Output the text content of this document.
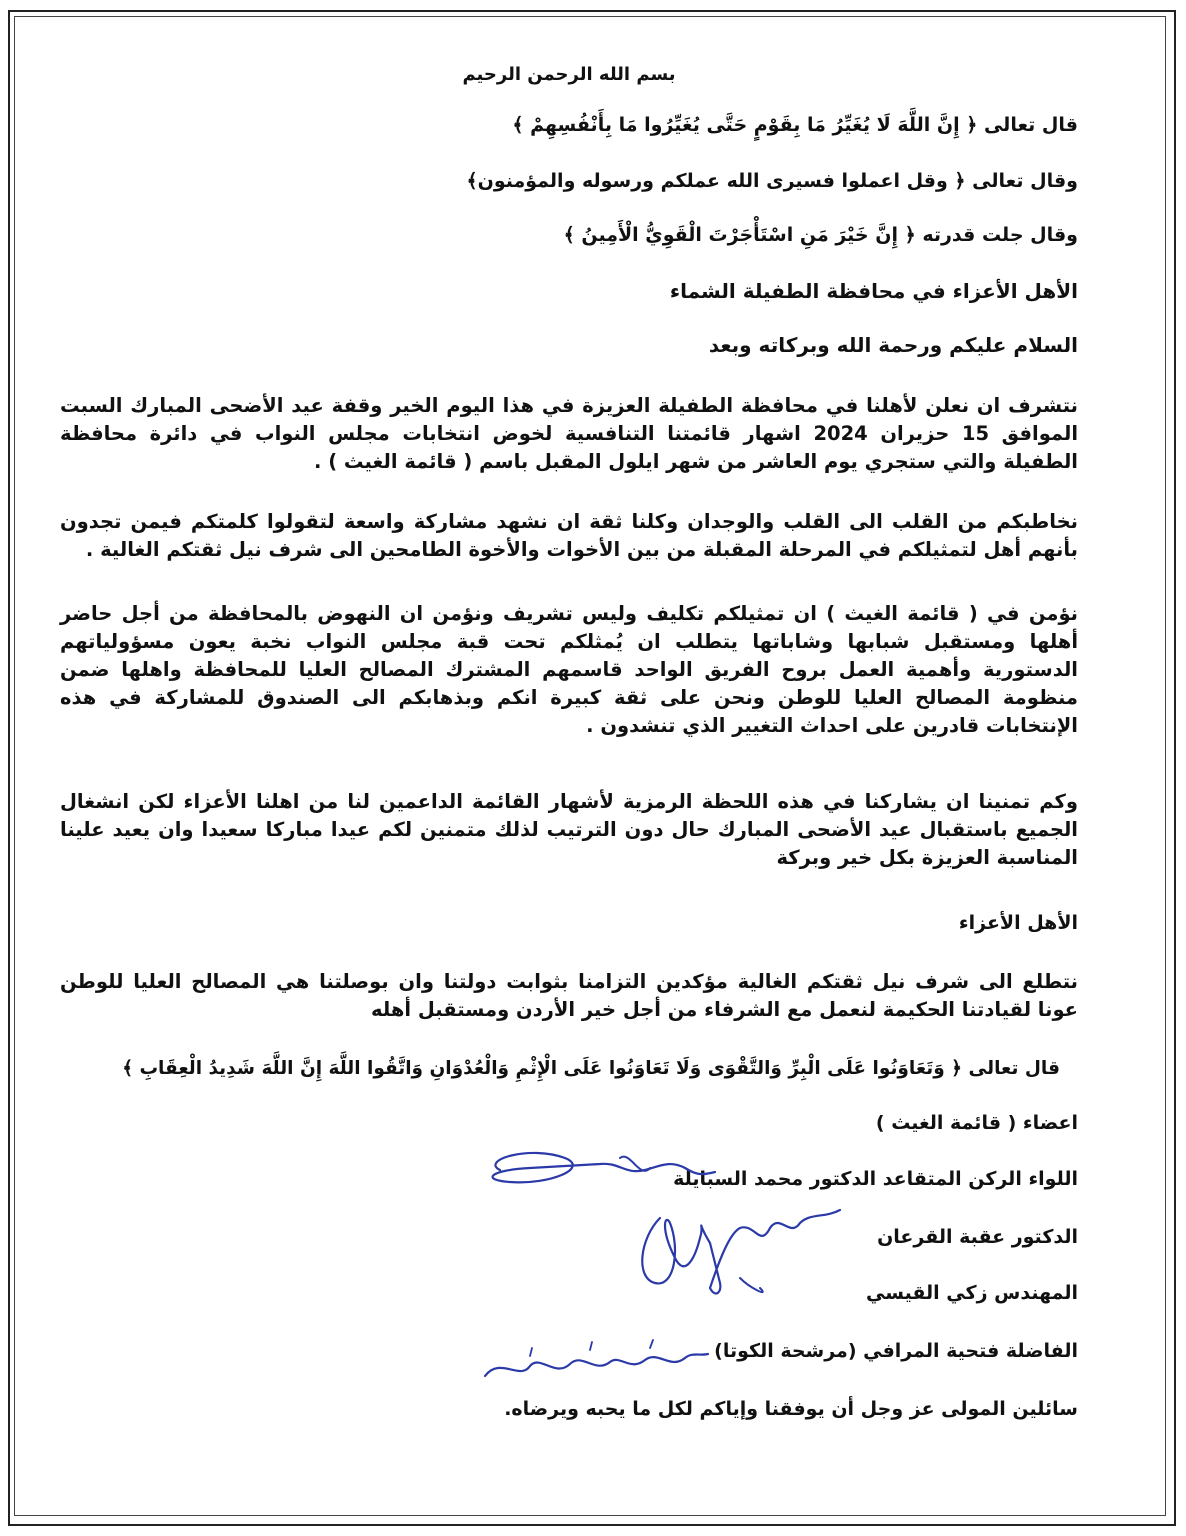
بسم الله الرحمن الرحيم
قال تعالى ﴿ إِنَّ اللَّهَ لَا يُغَيِّرُ مَا بِقَوْمٍ حَتَّى يُغَيِّرُوا مَا بِأَنْفُسِهِمْ ﴾
وقال تعالى ﴿ وقل اعملوا فسيرى الله عملكم ورسوله والمؤمنون﴾
وقال جلت قدرته ﴿ إِنَّ خَيْرَ مَنِ اسْتَأْجَرْتَ الْقَوِيُّ الْأَمِينُ ﴾
الأهل الأعزاء في محافظة الطفيلة الشماء
السلام عليكم ورحمة الله وبركاته وبعد
نتشرف ان نعلن لأهلنا في محافظة الطفيلة العزيزة في هذا اليوم الخير وقفة عيد الأضحى المبارك السبت الموافق 15 حزيران 2024 اشهار قائمتنا التنافسية لخوض انتخابات مجلس النواب في دائرة محافظة الطفيلة والتي ستجري يوم العاشر من شهر ايلول المقبل باسم ( قائمة الغيث ) .
نخاطبكم من القلب الى القلب والوجدان وكلنا ثقة ان نشهد مشاركة واسعة لتقولوا كلمتكم فيمن تجدون بأنهم أهل لتمثيلكم في المرحلة المقبلة من بين الأخوات والأخوة الطامحين الى شرف نيل ثقتكم الغالية .
نؤمن في ( قائمة الغيث ) ان تمثيلكم تكليف وليس تشريف ونؤمن ان النهوض بالمحافظة من أجل حاضر أهلها ومستقبل شبابها وشاباتها يتطلب ان يُمثلكم تحت قبة مجلس النواب نخبة يعون مسؤولياتهم الدستورية وأهمية العمل بروح الفريق الواحد قاسمهم المشترك المصالح العليا للمحافظة واهلها ضمن منظومة المصالح العليا للوطن ونحن على ثقة كبيرة انكم وبذهابكم الى الصندوق للمشاركة في هذه الإنتخابات قادرين على احداث التغيير الذي تنشدون .
وكم تمنينا ان يشاركنا في هذه اللحظة الرمزية لأشهار القائمة الداعمين لنا من اهلنا الأعزاء لكن انشغال الجميع باستقبال عيد الأضحى المبارك حال دون الترتيب لذلك متمنين لكم عيدا مباركا سعيدا وان يعيد علينا المناسبة العزيزة بكل خير وبركة
الأهل الأعزاء
نتطلع الى شرف نيل ثقتكم الغالية مؤكدين التزامنا بثوابت دولتنا وان بوصلتنا هي المصالح العليا للوطن عونا لقيادتنا الحكيمة لنعمل مع الشرفاء من أجل خير الأردن ومستقبل أهله
قال تعالى ﴿ وَتَعَاوَنُوا عَلَى الْبِرِّ وَالتَّقْوَى وَلَا تَعَاوَنُوا عَلَى الْإِثْمِ وَالْعُدْوَانِ وَاتَّقُوا اللَّهَ إِنَّ اللَّهَ شَدِيدُ الْعِقَابِ ﴾
اعضاء ( قائمة الغيث )
اللواء الركن المتقاعد الدكتور محمد السبايلة
الدكتور عقبة القرعان
المهندس زكي القيسي
الفاضلة فتحية المرافي (مرشحة الكوتا)
سائلين المولى عز وجل أن يوفقنا وإياكم لكل ما يحبه ويرضاه.
